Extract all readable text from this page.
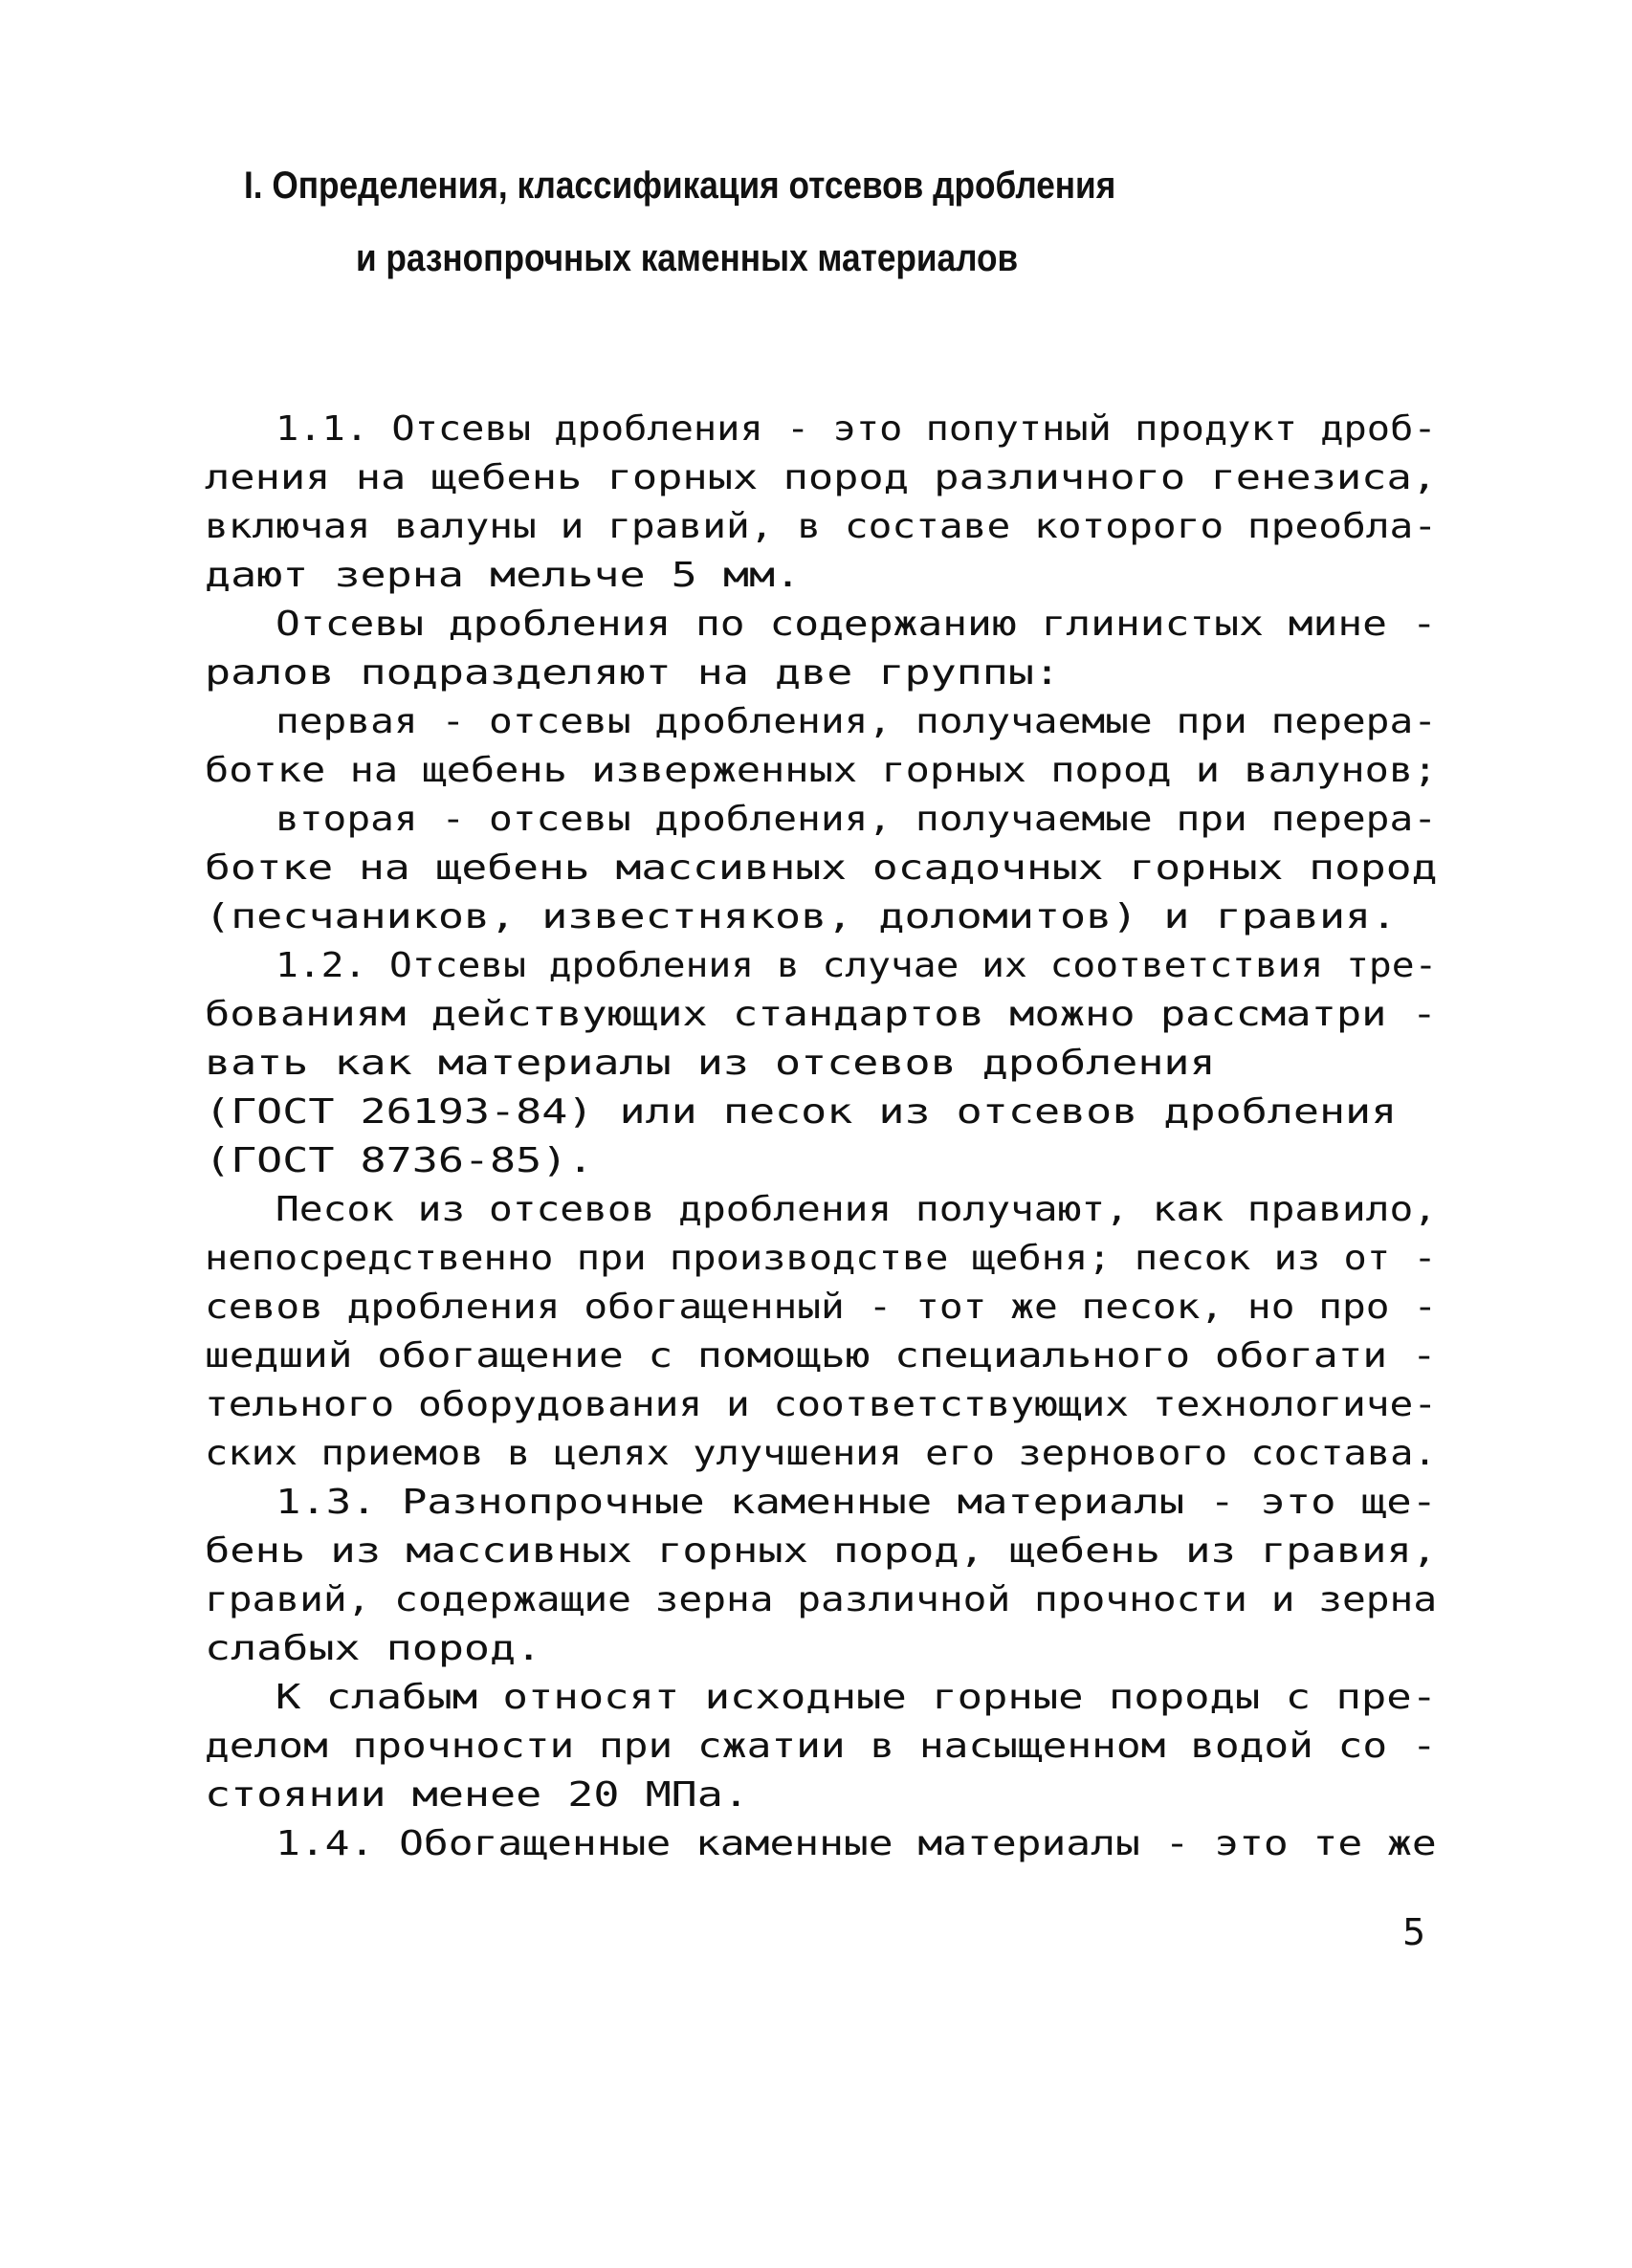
I. Определения, классификация отсевов дробления
и разнопрочных каменных материалов
1.1. Отсевы дробления - это попутный продукт дроб-
ления на щебень горных пород различного генезиса,
включая валуны и гравий, в составе которого преобла-
дают зерна мельче 5 мм.
Отсевы дробления по содержанию глинистых мине -
ралов подразделяют на две группы:
первая - отсевы дробления, получаемые при перера-
ботке на щебень изверженных горных пород и валунов;
вторая - отсевы дробления, получаемые при перера-
ботке на щебень массивных осадочных горных пород
(песчаников, известняков, доломитов) и гравия.
1.2. Отсевы дробления в случае их соответствия тре-
бованиям действующих стандартов можно рассматри -
вать как материалы из отсевов дробления
(ГОСТ 26193-84) или песок из отсевов дробления
(ГОСТ 8736-85).
Песок из отсевов дробления получают, как правило,
непосредственно при производстве щебня; песок из от -
севов дробления обогащенный - тот же песок, но про -
шедший обогащение с помощью специального обогати -
тельного оборудования и соответствующих технологиче-
ских приемов в целях улучшения его зернового состава.
1.3. Разнопрочные каменные материалы - это ще-
бень из массивных горных пород, щебень из гравия,
гравий, содержащие зерна различной прочности и зерна
слабых пород.
К слабым относят исходные горные породы с пре-
делом прочности при сжатии в насыщенном водой со -
стоянии менее 20 МПа.
1.4. Обогащенные каменные материалы - это те же
5
